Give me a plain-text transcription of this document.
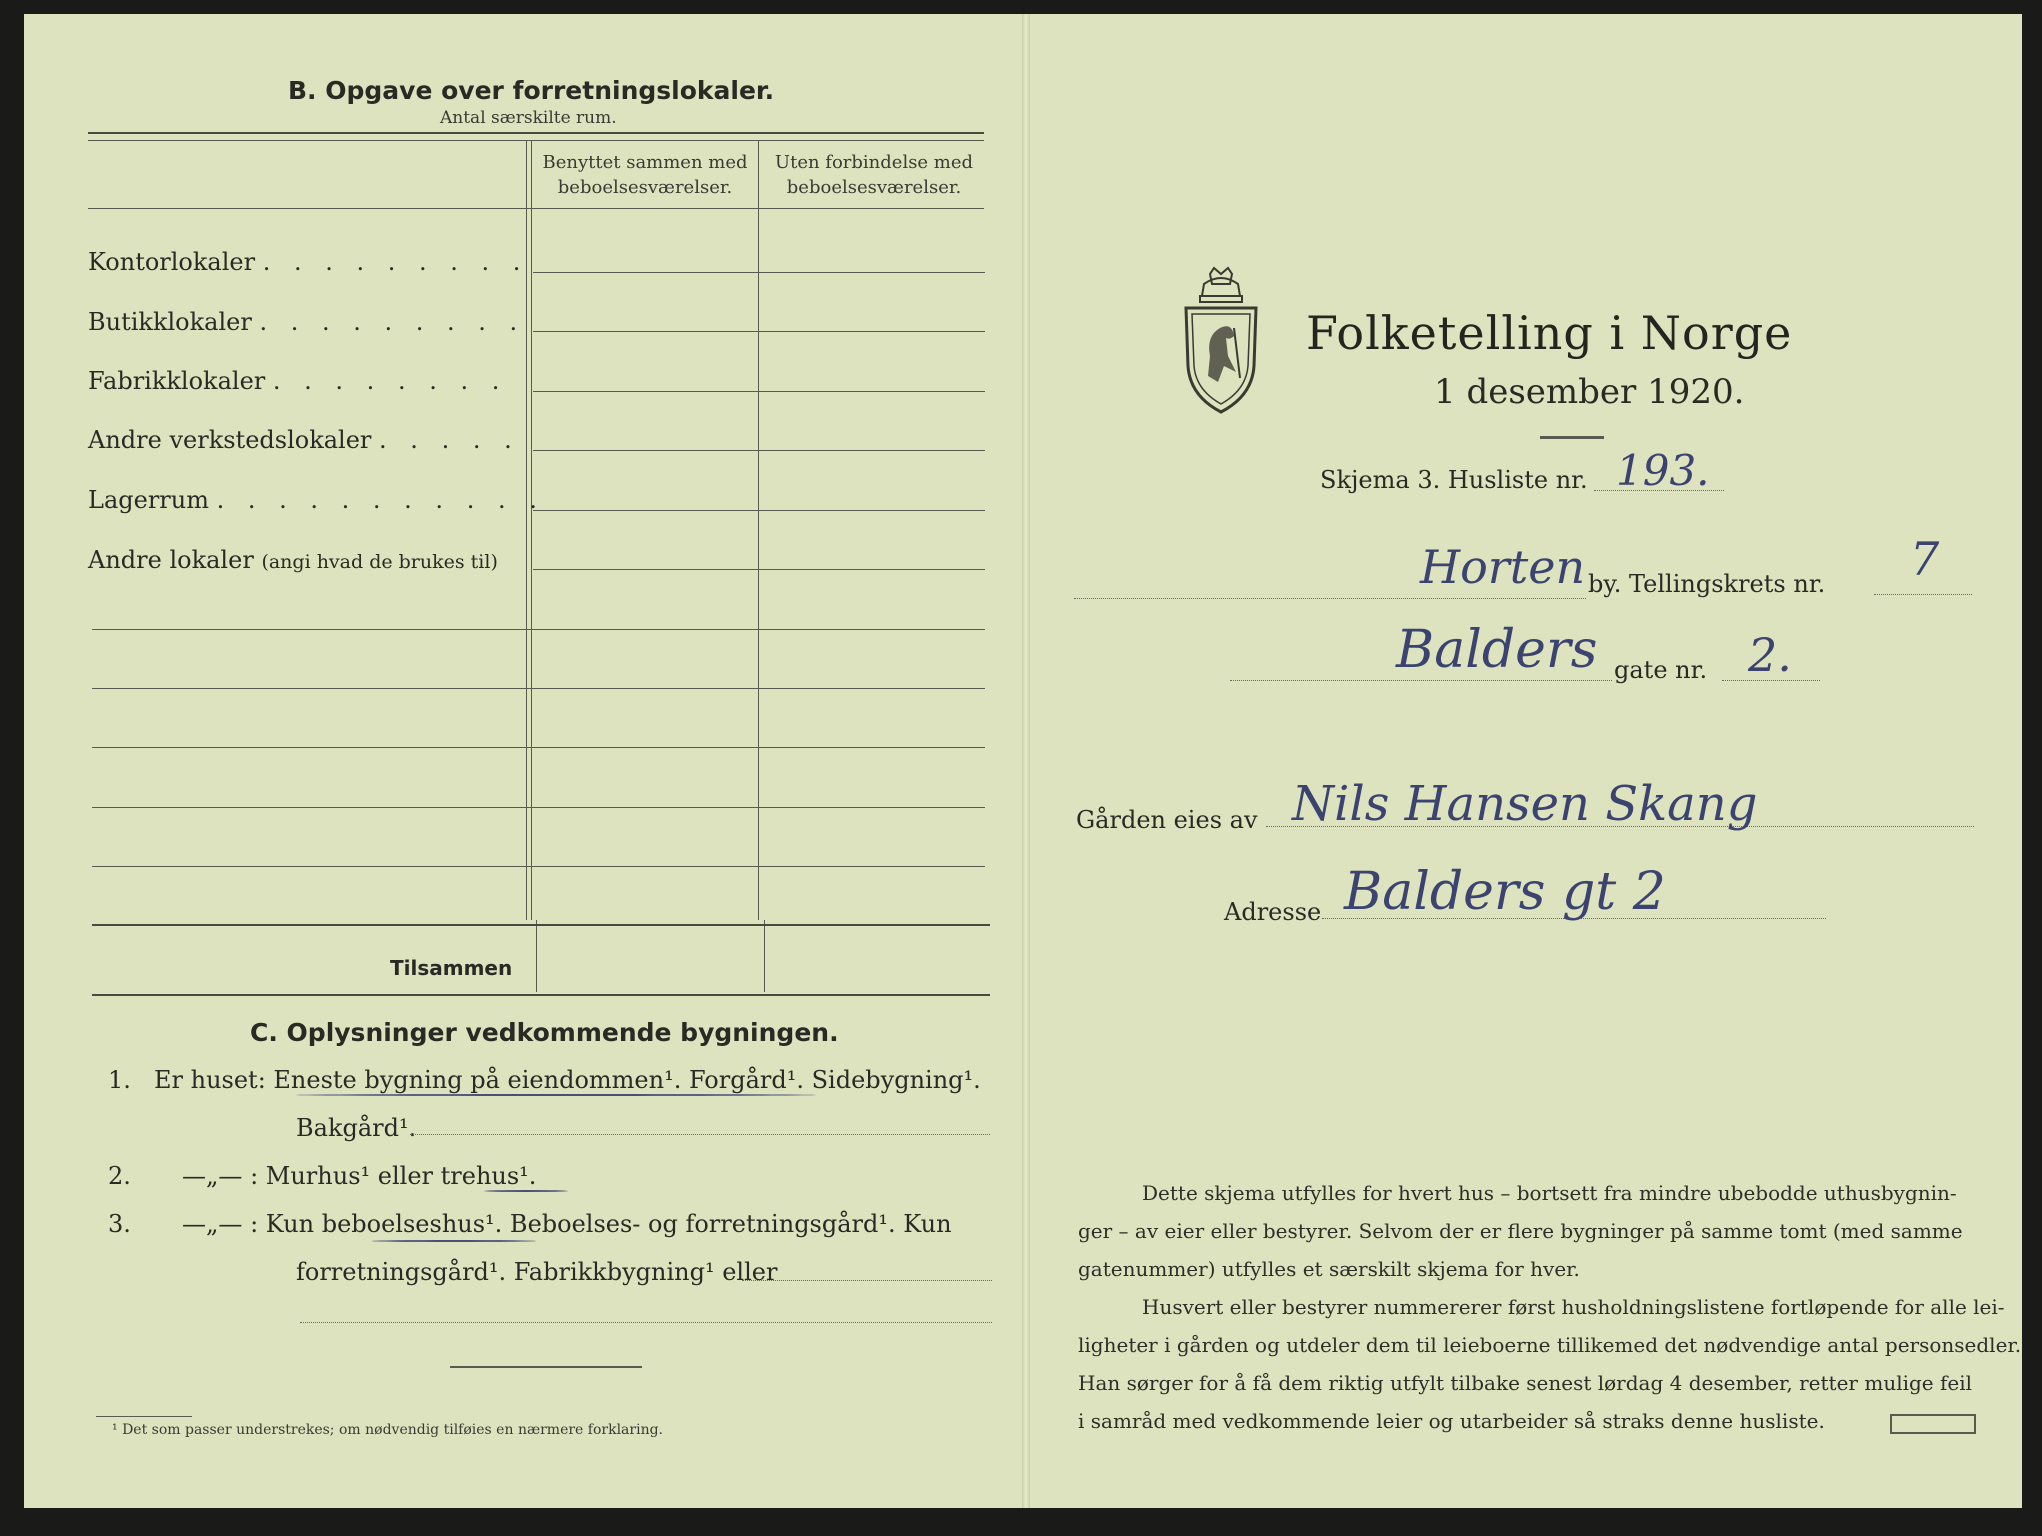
B. Opgave over forretningslokaler.
Antal særskilte rum.
Benyttet sammen med
beboelsesværelser.
Uten forbindelse med
beboelsesværelser.
Kontorlokaler . . . . . . . . .
Butikklokaler . . . . . . . . .
Fabrikklokaler . . . . . . . .
Andre verkstedslokaler . . . . .
Lagerrum . . . . . . . . . . .
Andre lokaler (angi hvad de brukes til)
Tilsammen
C. Oplysninger vedkommende bygningen.
1. Er huset: Eneste bygning på eiendommen¹. Forgård¹. Sidebygning¹.
Bakgård¹.
2. —„— : Murhus¹ eller trehus¹.
3. —„— : Kun beboelseshus¹. Beboelses- og forretningsgård¹. Kun
forretningsgård¹. Fabrikkbygning¹ eller
¹ Det som passer understrekes; om nødvendig tilføies en nærmere forklaring.
Folketelling i Norge
1 desember 1920.
Skjema 3. Husliste nr. 193.
Horten by. Tellingskrets nr. 7
Balders gate nr. 2.
Gården eies av Nils Hansen Skang
Adresse Balders gt 2
Dette skjema utfylles for hvert hus – bortsett fra mindre ubebodde uthusbygnin-
ger – av eier eller bestyrer. Selvom der er flere bygninger på samme tomt (med samme
gatenummer) utfylles et særskilt skjema for hver.
Husvert eller bestyrer nummererer først husholdningslistene fortløpende for alle lei-
ligheter i gården og utdeler dem til leieboerne tillikemed det nødvendige antal personsedler.
Han sørger for å få dem riktig utfylt tilbake senest lørdag 4 desember, retter mulige feil
i samråd med vedkommende leier og utarbeider så straks denne husliste.
